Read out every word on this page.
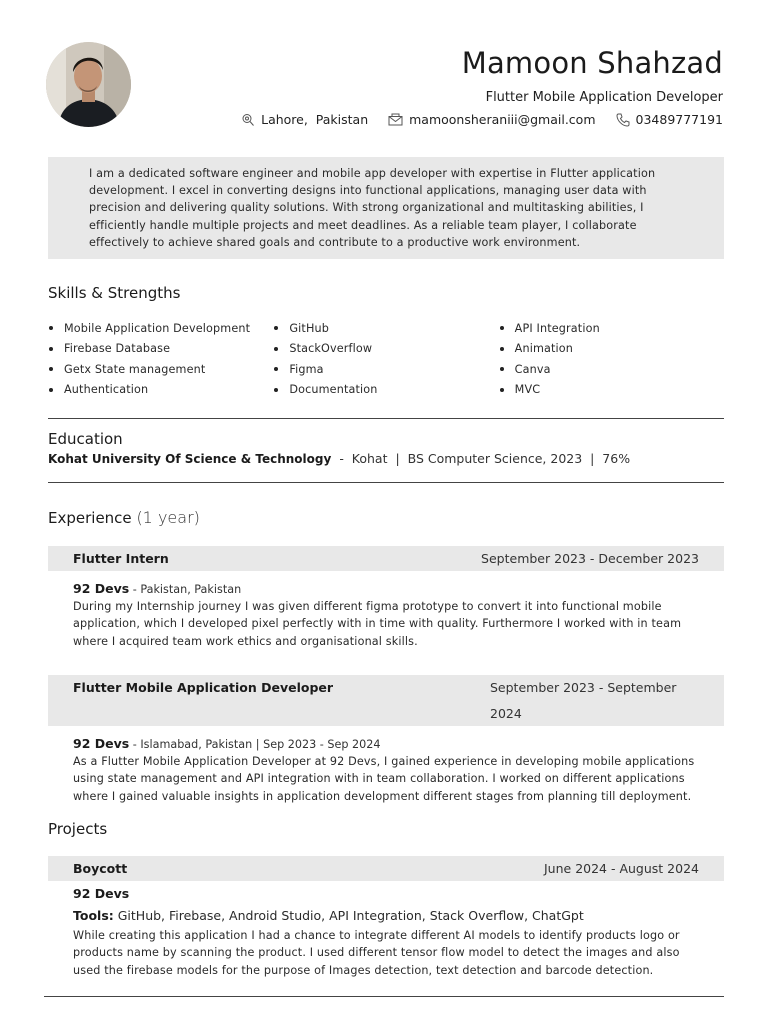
Mamoon Shahzad
Flutter Mobile Application Developer
Lahore,  Pakistan	mamoonsheraniii@gmail.com	03489777191

I am a dedicated software engineer and mobile app developer with expertise in Flutter application development. I excel in converting designs into functional applications, managing user data with precision and delivering quality solutions. With strong organizational and multitasking abilities, I efficiently handle multiple projects and meet deadlines. As a reliable team player, I collaborate effectively to achieve shared goals and contribute to a productive work environment.

Skills & Strengths
Mobile Application Development
Firebase Database
Getx State management
Authentication
GitHub
StackOverflow
Figma
Documentation
API Integration
Animation
Canva
MVC
Education
Kohat University Of Science & Technology -  Kohat  |  BS Computer Science, 2023  |  76%
Experience (1 year)
Flutter Intern	September 2023 - December 2023
92 Devs - Pakistan, Pakistan

During my Internship journey I was given different figma prototype to convert it into functional mobile application, which I developed pixel perfectly with in time with quality. Furthermore I worked with in team where I acquired team work ethics and organisational skills.

Flutter Mobile Application Developer	September 2023 - September
2024
92 Devs - Islamabad, Pakistan | Sep 2023 - Sep 2024

As a Flutter Mobile Application Developer at 92 Devs, I gained experience in developing mobile applications using state management and API integration with in team collaboration. I worked on different applications where I gained valuable insights in application development different stages from planning till deployment.

Projects
Boycott	June 2024 - August 2024
92 Devs
Tools: GitHub, Firebase, Android Studio, API Integration, Stack Overflow, ChatGpt

While creating this application I had a chance to integrate different AI models to identify products logo or products name by scanning the product. I used different tensor flow model to detect the images and also used the firebase models for the purpose of Images detection, text detection and barcode detection.
